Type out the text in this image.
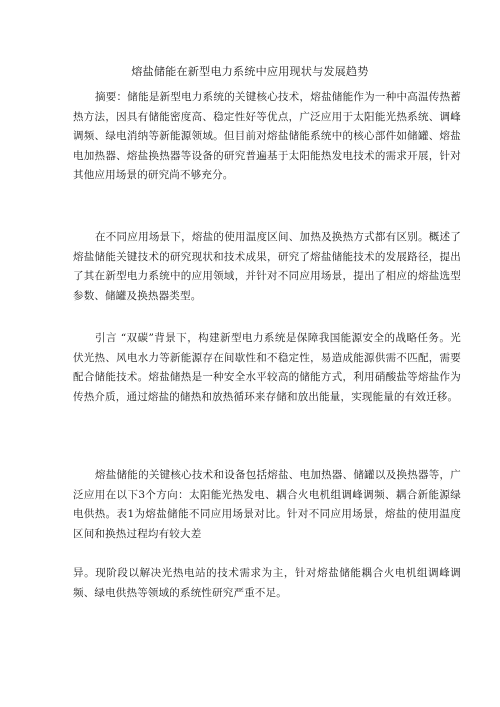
熔盐储能在新型电力系统中应用现状与发展趋势
摘要：储能是新型电力系统的关键核心技术，熔盐储能作为一种中高温传热蓄热方法，因具有储能密度高、稳定性好等优点，广泛应用于太阳能光热系统、调峰调频、绿电消纳等新能源领域。但目前对熔盐储能系统中的核心部件如储罐、熔盐电加热器、熔盐换热器等设备的研究普遍基于太阳能热发电技术的需求开展，针对其他应用场景的研究尚不够充分。
在不同应用场景下，熔盐的使用温度区间、加热及换热方式都有区别。概述了熔盐储能关键技术的研究现状和技术成果，研究了熔盐储能技术的发展路径，提出了其在新型电力系统中的应用领域，并针对不同应用场景，提出了相应的熔盐选型参数、储罐及换热器类型。
引言 “双碳”背景下，构建新型电力系统是保障我国能源安全的战略任务。光伏光热、风电水力等新能源存在间歇性和不稳定性，易造成能源供需不匹配，需要配合储能技术。熔盐储热是一种安全水平较高的储能方式，利用硝酸盐等熔盐作为传热介质，通过熔盐的储热和放热循环来存储和放出能量，实现能量的有效迁移。
熔盐储能的关键核心技术和设备包括熔盐、电加热器、储罐以及换热器等，广泛应用在以下3个方向：太阳能光热发电、耦合火电机组调峰调频、耦合新能源绿电供热。表1为熔盐储能不同应用场景对比。针对不同应用场景，熔盐的使用温度区间和换热过程均有较大差
异。现阶段以解决光热电站的技术需求为主，针对熔盐储能耦合火电机组调峰调频、绿电供热等领域的系统性研究严重不足。
